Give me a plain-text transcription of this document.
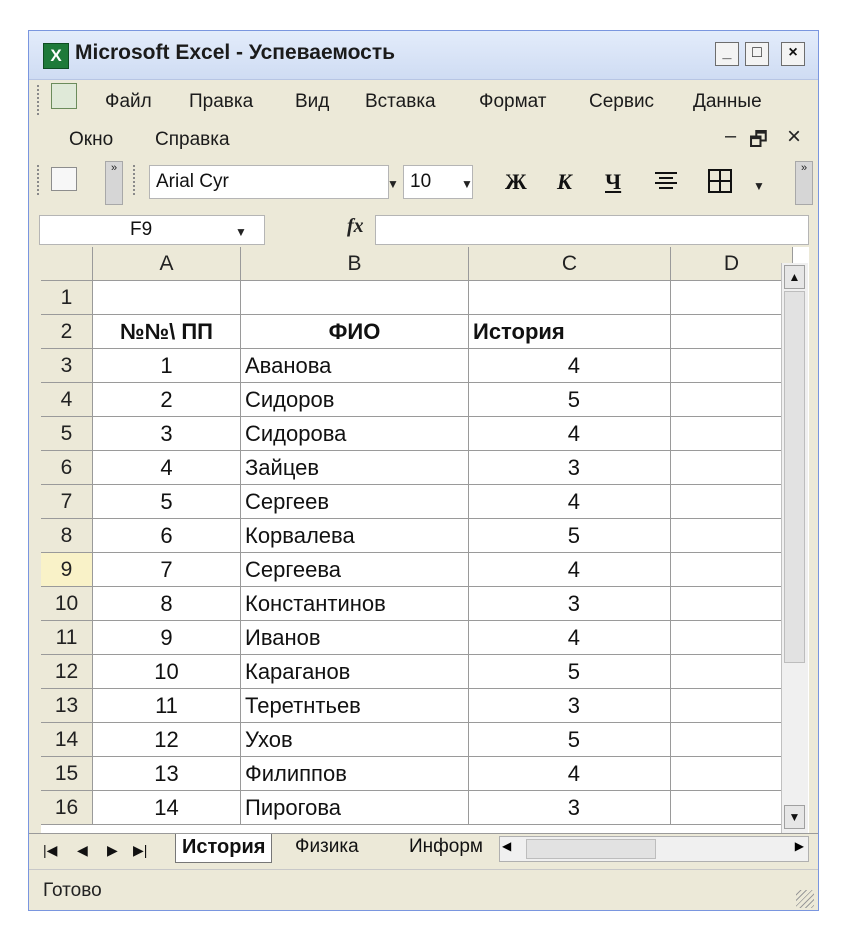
X Microsoft Excel - Успеваемость	_	□	×
Файл Правка Вид Вставка Формат Сервис Данные
Окно Справка	– 🗗 ×
»
▼
»
Arial Cyr	▼ 10 ▼ Ж К Ч
F9	▼	fx
A	B	C	D
1
2	№№\ ПП	ФИО	История
3	1	Аванова	4
4	2	Сидоров	5
5	3	Сидорова	4
6	4	Зайцев	3
7	5	Сергеев	4
8	6	Корвалева	5
9	7	Сергеева	4
10	8	Константинов	3
11	9	Иванов	4
12	10	Караганов	5
13	11	Теретнтьев	3
14	12	Ухов	5
15	13	Филиппов	4
16	14	Пирогова	3
▲
▼
|◀ ◀ ▶ ▶|	История	Физика	Информ ◀	▶
Готово
